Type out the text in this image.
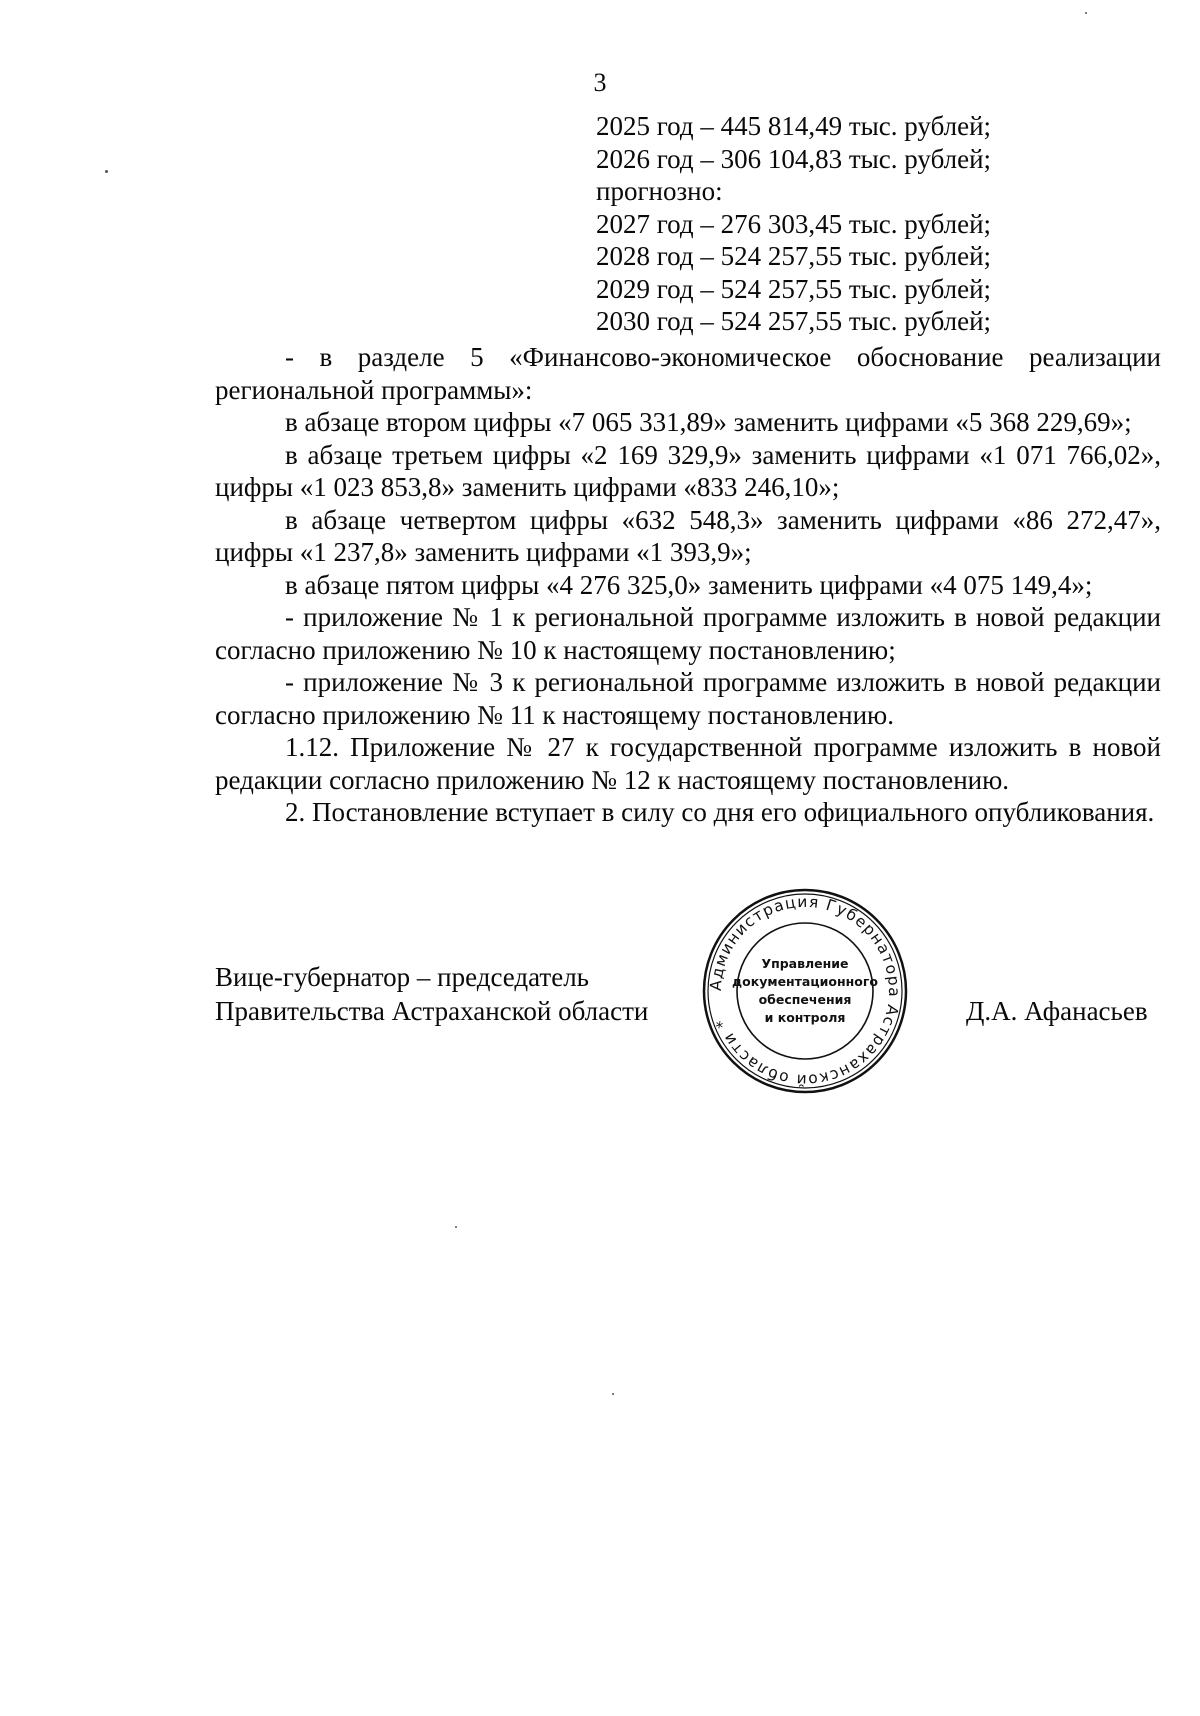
3
2025 год – 445 814,49 тыс. рублей;
2026 год – 306 104,83 тыс. рублей;
прогнозно:
2027 год – 276 303,45 тыс. рублей;
2028 год – 524 257,55 тыс. рублей;
2029 год – 524 257,55 тыс. рублей;
2030 год – 524 257,55 тыс. рублей;

- в разделе 5 «Финансово-экономическое обоснование реализации региональной программы»:

в абзаце втором цифры «7 065 331,89» заменить цифрами «5 368 229,69»;

в абзаце третьем цифры «2 169 329,9» заменить цифрами «1 071 766,02», цифры «1 023 853,8» заменить цифрами «833 246,10»;

в абзаце четвертом цифры «632 548,3» заменить цифрами «86 272,47», цифры «1 237,8» заменить цифрами «1 393,9»;

в абзаце пятом цифры «4 276 325,0» заменить цифрами «4 075 149,4»;

- приложение № 1 к региональной программе изложить в новой редакции согласно приложению № 10 к настоящему постановлению;

- приложение № 3 к региональной программе изложить в новой редакции согласно приложению № 11 к настоящему постановлению.

1.12. Приложение № 27 к государственной программе изложить в новой редакции согласно приложению № 12 к настоящему постановлению.

2. Постановление вступает в силу со дня его официального опубликования.

Вице-губернатор – председатель
Правительства Астраханской области	Д.А. Афанасьев
Администрация Губернатора Астраханской области *
Управление
документационного
обеспечения
и контроля
